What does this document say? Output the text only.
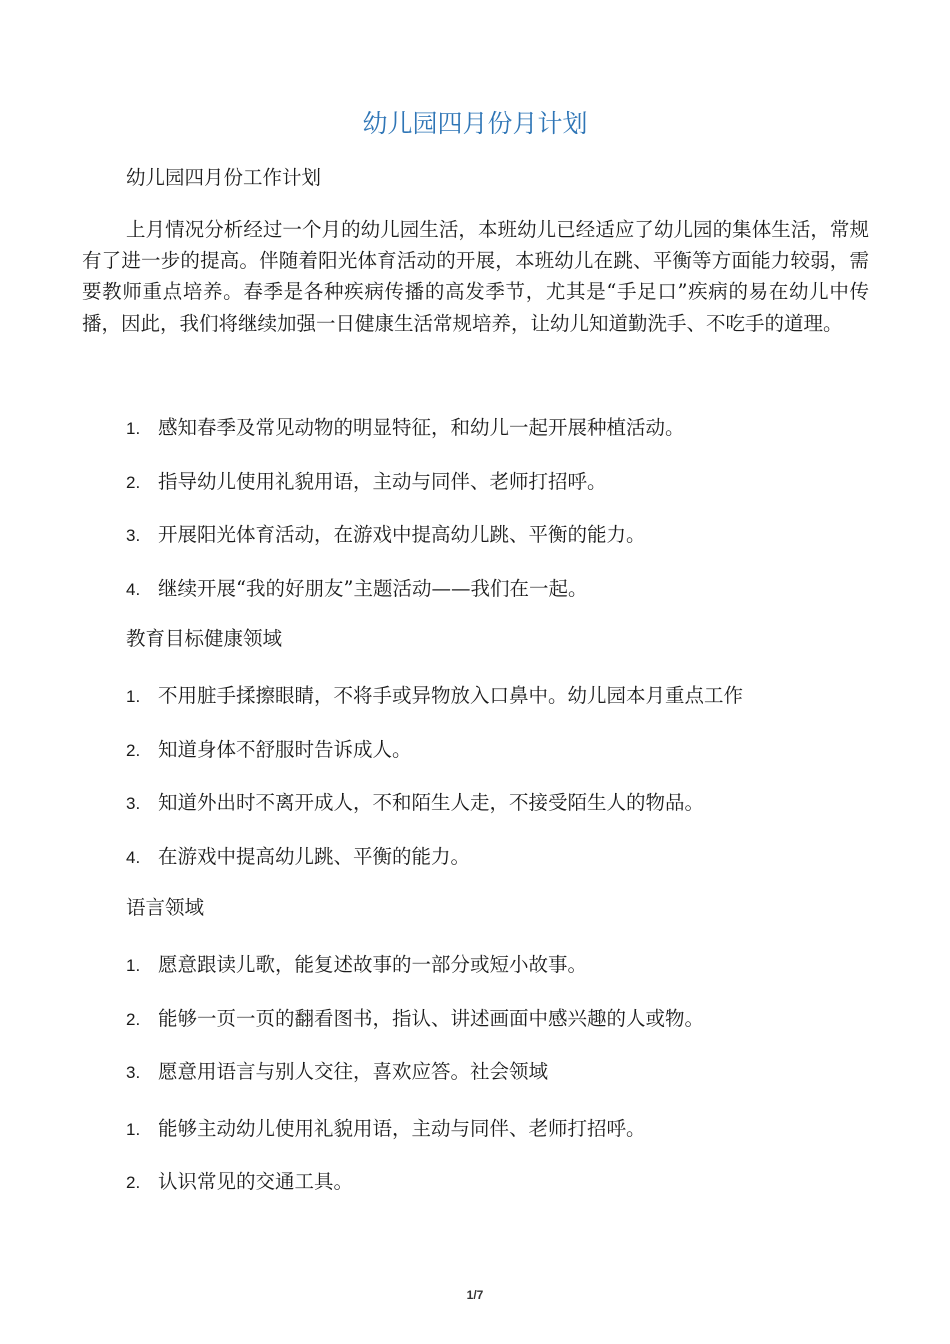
幼儿园四月份月计划
幼儿园四月份工作计划

上月情况分析经过一个月的幼儿园生活，本班幼儿已经适应了幼儿园的集体生活，常规有了进一步的提高。伴随着阳光体育活动的开展，本班幼儿在跳、平衡等方面能力较弱，需要教师重点培养。春季是各种疾病传播的高发季节，尤其是“手足口”疾病的易在幼儿中传播，因此，我们将继续加强一日健康生活常规培养，让幼儿知道勤洗手、不吃手的道理。

1. 感知春季及常见动物的明显特征，和幼儿一起开展种植活动。
2. 指导幼儿使用礼貌用语，主动与同伴、老师打招呼。
3. 开展阳光体育活动，在游戏中提高幼儿跳、平衡的能力。
4. 继续开展“我的好朋友”主题活动——我们在一起。
教育目标健康领域
1. 不用脏手揉擦眼睛，不将手或异物放入口鼻中。幼儿园本月重点工作
2. 知道身体不舒服时告诉成人。
3. 知道外出时不离开成人，不和陌生人走，不接受陌生人的物品。
4. 在游戏中提高幼儿跳、平衡的能力。
语言领域
1. 愿意跟读儿歌，能复述故事的一部分或短小故事。
2. 能够一页一页的翻看图书，指认、讲述画面中感兴趣的人或物。
3. 愿意用语言与别人交往，喜欢应答。社会领域
1. 能够主动幼儿使用礼貌用语，主动与同伴、老师打招呼。
2. 认识常见的交通工具。
1/7
